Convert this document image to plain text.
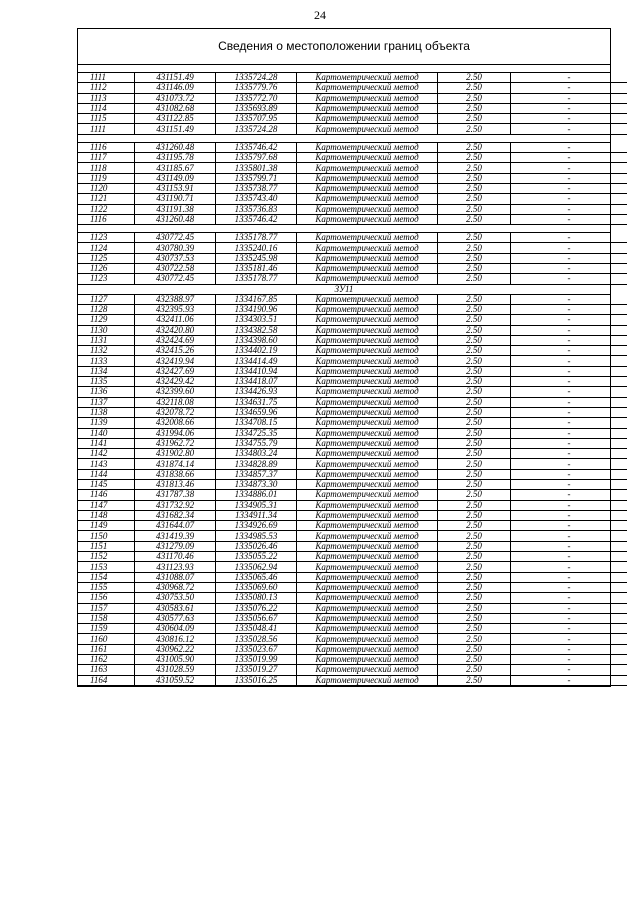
24
Сведения о местоположении границ объекта
1111	431151.49	1335724.28	Картометрический метод	2.50	-
1112	431146.09	1335779.76	Картометрический метод	2.50	-
1113	431073.72	1335772.70	Картометрический метод	2.50	-
1114	431082.68	1335693.89	Картометрический метод	2.50	-
1115	431122.85	1335707.95	Картометрический метод	2.50	-
1111	431151.49	1335724.28	Картометрический метод	2.50	-
1116	431260.48	1335746.42	Картометрический метод	2.50	-
1117	431195.78	1335797.68	Картометрический метод	2.50	-
1118	431185.67	1335801.38	Картометрический метод	2.50	-
1119	431149.09	1335799.71	Картометрический метод	2.50	-
1120	431153.91	1335738.77	Картометрический метод	2.50	-
1121	431190.71	1335743.40	Картометрический метод	2.50	-
1122	431191.38	1335736.83	Картометрический метод	2.50	-
1116	431260.48	1335746.42	Картометрический метод	2.50	-
1123	430772.45	1335178.77	Картометрический метод	2.50	-
1124	430780.39	1335240.16	Картометрический метод	2.50	-
1125	430737.53	1335245.98	Картометрический метод	2.50	-
1126	430722.58	1335181.46	Картометрический метод	2.50	-
1123	430772.45	1335178.77	Картометрический метод	2.50	-
ЗУ11
1127	432388.97	1334167.85	Картометрический метод	2.50	-
1128	432395.93	1334190.96	Картометрический метод	2.50	-
1129	432411.06	1334303.51	Картометрический метод	2.50	-
1130	432420.80	1334382.58	Картометрический метод	2.50	-
1131	432424.69	1334398.60	Картометрический метод	2.50	-
1132	432415.26	1334402.19	Картометрический метод	2.50	-
1133	432419.94	1334414.49	Картометрический метод	2.50	-
1134	432427.69	1334410.94	Картометрический метод	2.50	-
1135	432429.42	1334418.07	Картометрический метод	2.50	-
1136	432399.60	1334426.93	Картометрический метод	2.50	-
1137	432118.08	1334631.75	Картометрический метод	2.50	-
1138	432078.72	1334659.96	Картометрический метод	2.50	-
1139	432008.66	1334708.15	Картометрический метод	2.50	-
1140	431994.06	1334725.35	Картометрический метод	2.50	-
1141	431962.72	1334755.79	Картометрический метод	2.50	-
1142	431902.80	1334803.24	Картометрический метод	2.50	-
1143	431874.14	1334828.89	Картометрический метод	2.50	-
1144	431838.66	1334857.37	Картометрический метод	2.50	-
1145	431813.46	1334873.30	Картометрический метод	2.50	-
1146	431787.38	1334886.01	Картометрический метод	2.50	-
1147	431732.92	1334905.31	Картометрический метод	2.50	-
1148	431682.34	1334911.34	Картометрический метод	2.50	-
1149	431644.07	1334926.69	Картометрический метод	2.50	-
1150	431419.39	1334985.53	Картометрический метод	2.50	-
1151	431279.09	1335026.46	Картометрический метод	2.50	-
1152	431170.46	1335055.22	Картометрический метод	2.50	-
1153	431123.93	1335062.94	Картометрический метод	2.50	-
1154	431088.07	1335065.46	Картометрический метод	2.50	-
1155	430968.72	1335069.60	Картометрический метод	2.50	-
1156	430753.50	1335080.13	Картометрический метод	2.50	-
1157	430583.61	1335076.22	Картометрический метод	2.50	-
1158	430577.63	1335056.67	Картометрический метод	2.50	-
1159	430604.09	1335048.41	Картометрический метод	2.50	-
1160	430816.12	1335028.56	Картометрический метод	2.50	-
1161	430962.22	1335023.67	Картометрический метод	2.50	-
1162	431005.90	1335019.99	Картометрический метод	2.50	-
1163	431028.59	1335019.27	Картометрический метод	2.50	-
1164	431059.52	1335016.25	Картометрический метод	2.50	-
